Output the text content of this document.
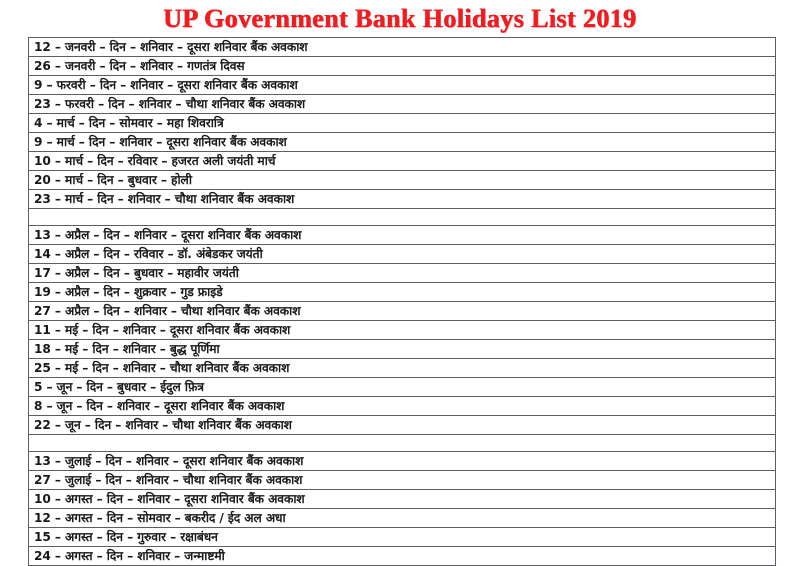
UP Government Bank Holidays List 2019
12 – जनवरी – दिन – शनिवार – दूसरा शनिवार बैंक अवकाश
26 – जनवरी – दिन – शनिवार – गणतंत्र दिवस
9 – फरवरी – दिन – शनिवार – दूसरा शनिवार बैंक अवकाश
23 – फरवरी – दिन – शनिवार – चौथा शनिवार बैंक अवकाश
4 – मार्च – दिन – सोमवार – महा शिवरात्रि
9 – मार्च – दिन – शनिवार – दूसरा शनिवार बैंक अवकाश
10 – मार्च – दिन – रविवार – हजरत अली जयंती मार्च
20 – मार्च – दिन – बुधवार – होली
23 – मार्च – दिन – शनिवार – चौथा शनिवार बैंक अवकाश

13 – अप्रैल – दिन – शनिवार – दूसरा शनिवार बैंक अवकाश
14 – अप्रैल – दिन – रविवार – डॉ. अंबेडकर जयंती
17 – अप्रैल – दिन – बुधवार – महावीर जयंती
19 – अप्रैल – दिन – शुक्रवार – गुड फ्राइडे
27 – अप्रैल – दिन – शनिवार – चौथा शनिवार बैंक अवकाश
11 – मई – दिन – शनिवार – दूसरा शनिवार बैंक अवकाश
18 – मई – दिन – शनिवार – बुद्ध पूर्णिमा
25 – मई – दिन – शनिवार – चौथा शनिवार बैंक अवकाश
5 – जून – दिन – बुधवार – ईदुल फ़ित्र
8 – जून – दिन – शनिवार – दूसरा शनिवार बैंक अवकाश
22 – जून – दिन – शनिवार – चौथा शनिवार बैंक अवकाश

13 – जुलाई – दिन – शनिवार – दूसरा शनिवार बैंक अवकाश
27 – जुलाई – दिन – शनिवार – चौथा शनिवार बैंक अवकाश
10 – अगस्त – दिन – शनिवार – दूसरा शनिवार बैंक अवकाश
12 – अगस्त – दिन – सोमवार – बकरीद / ईद अल अधा
15 – अगस्त – दिन – गुरुवार – रक्षाबंधन
24 – अगस्त – दिन – शनिवार – जन्माष्टमी
